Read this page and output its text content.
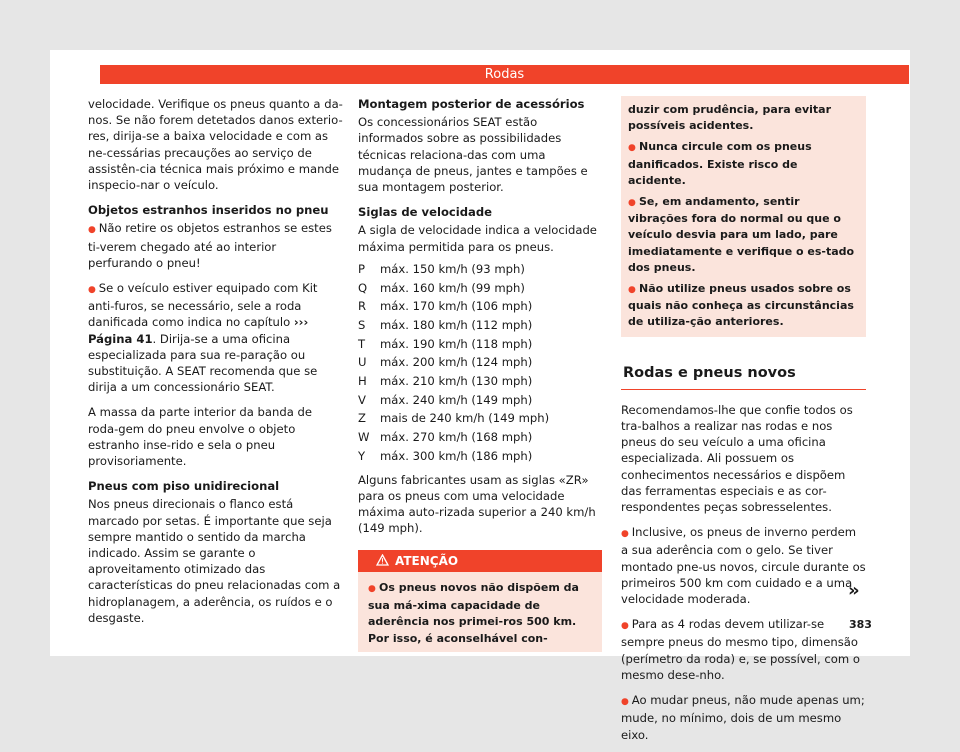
Rodas

velocidade. Verifique os pneus quanto a da-nos. Se não forem detetados danos exterio-res, dirija-se a baixa velocidade e com as ne-cessárias precauções ao serviço de assistên-cia técnica mais próximo e mande inspecio-nar o veículo.

Objetos estranhos inseridos no pneu

● Não retire os objetos estranhos se estes ti-verem chegado até ao interior perfurando o pneu!

● Se o veículo estiver equipado com Kit anti-furos, se necessário, sele a roda danificada como indica no capítulo ››› Página 41. Dirija-se a uma oficina especializada para sua re-paração ou substituição. A SEAT recomenda que se dirija a um concessionário SEAT.

A massa da parte interior da banda de roda-gem do pneu envolve o objeto estranho inse-rido e sela o pneu provisoriamente.

Pneus com piso unidirecional

Nos pneus direcionais o flanco está marcado por setas. É importante que seja sempre mantido o sentido da marcha indicado. Assim se garante o aproveitamento otimizado das características do pneu relacionadas com a hidroplanagem, a aderência, os ruídos e o desgaste.

Montagem posterior de acessórios

Os concessionários SEAT estão informados sobre as possibilidades técnicas relaciona-das com uma mudança de pneus, jantes e tampões e sua montagem posterior.

Siglas de velocidade

A sigla de velocidade indica a velocidade máxima permitida para os pneus.

P	máx. 150 km/h (93 mph)
Q	máx. 160 km/h (99 mph)
R	máx. 170 km/h (106 mph)
S	máx. 180 km/h (112 mph)
T	máx. 190 km/h (118 mph)
U	máx. 200 km/h (124 mph)
H	máx. 210 km/h (130 mph)
V	máx. 240 km/h (149 mph)
Z	mais de 240 km/h (149 mph)
W máx. 270 km/h (168 mph)
Y	máx. 300 km/h (186 mph)

Alguns fabricantes usam as siglas «ZR» para os pneus com uma velocidade máxima auto-rizada superior a 240 km/h (149 mph).

ATENÇÃO
● Os pneus novos não dispõem da sua má-xima capacidade de aderência nos primei-ros 500 km. Por isso, é aconselhável con-

duzir com prudência, para evitar possíveis acidentes.

● Nunca circule com os pneus danificados. Existe risco de acidente.

● Se, em andamento, sentir vibrações fora do normal ou que o veículo desvia para um lado, pare imediatamente e verifique o es-tado dos pneus.

● Não utilize pneus usados sobre os quais não conheça as circunstâncias de utiliza-ção anteriores.

Rodas e pneus novos

Recomendamos-lhe que confie todos os tra-balhos a realizar nas rodas e nos pneus do seu veículo a uma oficina especializada. Ali possuem os conhecimentos necessários e dispõem das ferramentas especiais e as cor-respondentes peças sobresselentes.

● Inclusive, os pneus de inverno perdem a sua aderência com o gelo. Se tiver montado pne-us novos, circule durante os primeiros 500 km com cuidado e a uma velocidade moderada.

● Para as 4 rodas devem utilizar-se sempre pneus do mesmo tipo, dimensão (perímetro da roda) e, se possível, com o mesmo dese-nho.

● Ao mudar pneus, não mude apenas um; mude, no mínimo, dois de um mesmo eixo.

»
383
